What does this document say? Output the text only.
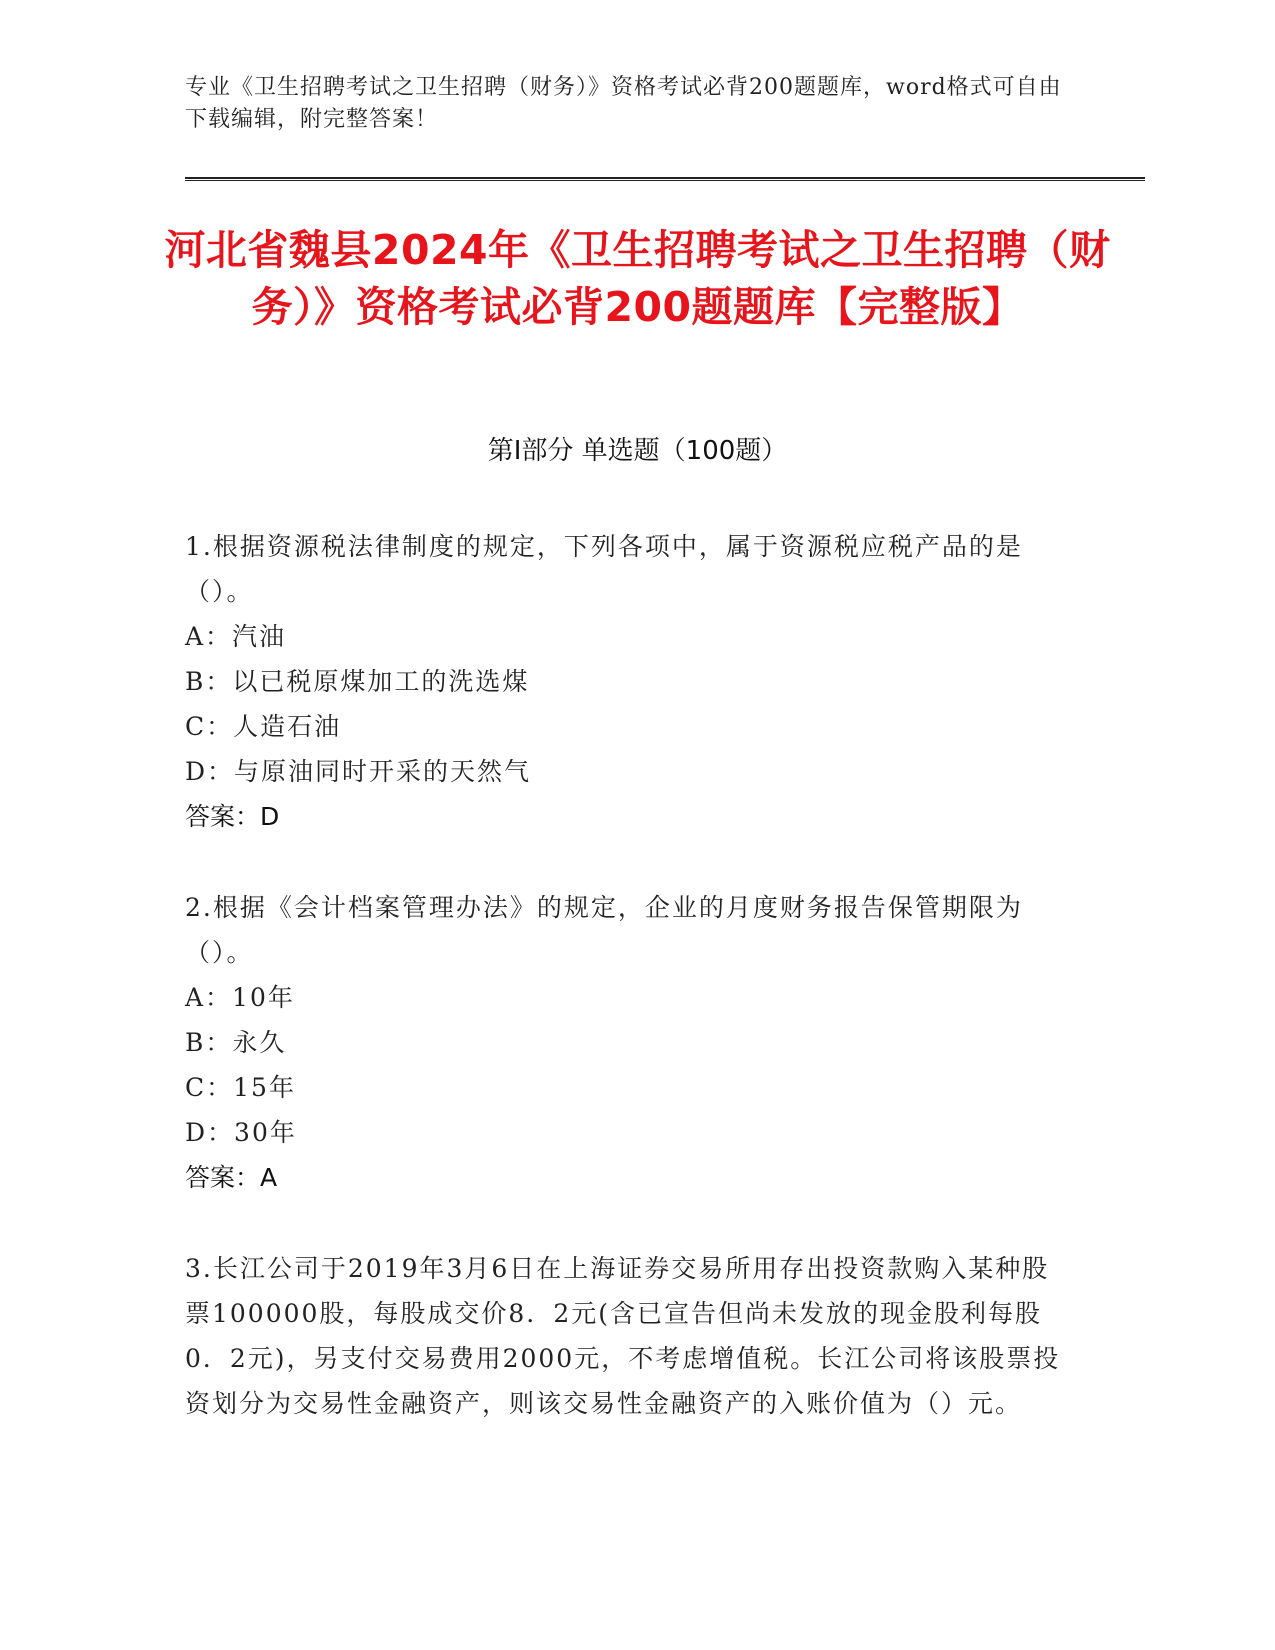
专业《卫生招聘考试之卫生招聘（财务）》资格考试必背200题题库，word格式可自由下载编辑，附完整答案！
河北省魏县2024年《卫生招聘考试之卫生招聘（财务）》资格考试必背200题题库【完整版】
第I部分 单选题（100题）
1.根据资源税法律制度的规定，下列各项中，属于资源税应税产品的是（）。
A：汽油
B：以已税原煤加工的洗选煤
C：人造石油
D：与原油同时开采的天然气
答案：D
2.根据《会计档案管理办法》的规定，企业的月度财务报告保管期限为（）。
A：10年
B：永久
C：15年
D：30年
答案：A
3.长江公司于2019年3月6日在上海证券交易所用存出投资款购入某种股票100000股，每股成交价8．2元(含已宣告但尚未发放的现金股利每股0．2元)，另支付交易费用2000元，不考虑增值税。长江公司将该股票投资划分为交易性金融资产，则该交易性金融资产的入账价值为（）元。
